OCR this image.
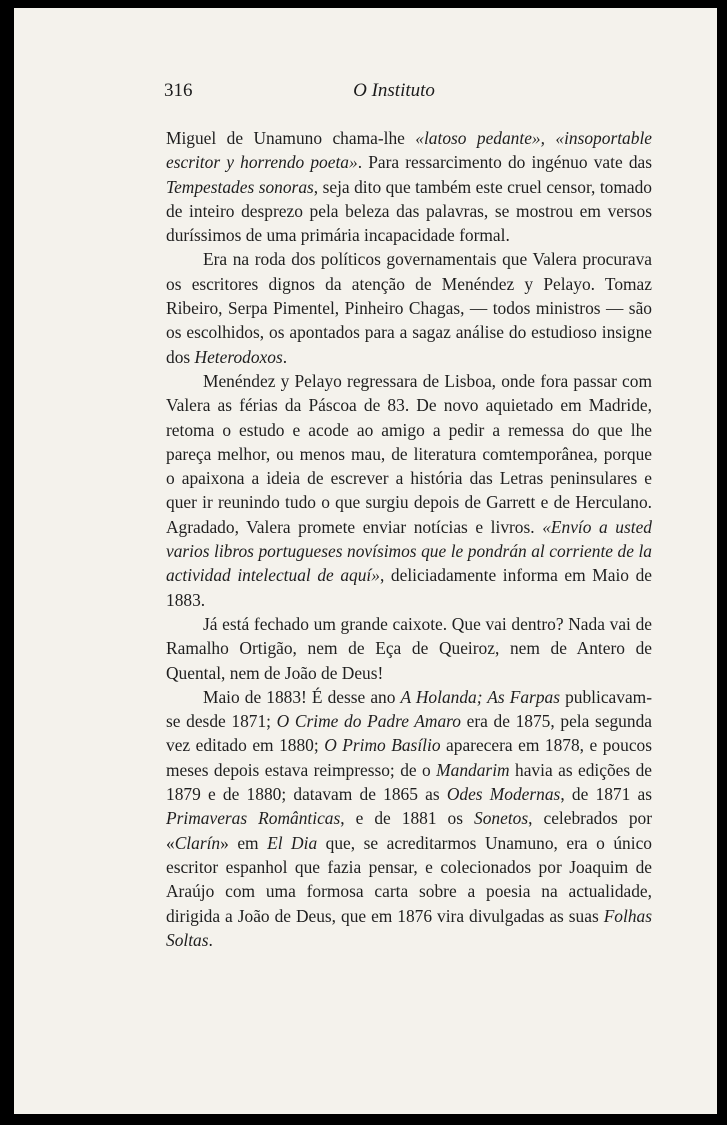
316	O Instituto

Miguel de Unamuno chama-lhe «latoso pedante», «insoportable escritor y horrendo poeta». Para ressarcimento do ingénuo vate das Tempestades sonoras, seja dito que também este cruel censor, tomado de inteiro desprezo pela beleza das palavras, se mostrou em versos duríssimos de uma primária incapacidade formal.

Era na roda dos políticos governamentais que Valera procurava os escritores dignos da atenção de Menéndez y Pelayo. Tomaz Ribeiro, Serpa Pimentel, Pinheiro Chagas, — todos ministros — são os escolhidos, os apontados para a sagaz análise do estudioso insigne dos Heterodoxos.

Menéndez y Pelayo regressara de Lisboa, onde fora passar com Valera as férias da Páscoa de 83. De novo aquietado em Madride, retoma o estudo e acode ao amigo a pedir a remessa do que lhe pareça melhor, ou menos mau, de literatura comtemporânea, porque o apaixona a ideia de escrever a história das Letras peninsulares e quer ir reunindo tudo o que surgiu depois de Garrett e de Herculano. Agradado, Valera promete enviar notícias e livros. «Envío a usted varios libros portugueses novísimos que le pondrán al corriente de la actividad intelectual de aquí», deliciadamente informa em Maio de 1883.

Já está fechado um grande caixote. Que vai dentro? Nada vai de Ramalho Ortigão, nem de Eça de Queiroz, nem de Antero de Quental, nem de João de Deus!

Maio de 1883! É desse ano A Holanda; As Farpas publicavam-se desde 1871; O Crime do Padre Amaro era de 1875, pela segunda vez editado em 1880; O Primo Basílio aparecera em 1878, e poucos meses depois estava reimpresso; de o Mandarim havia as edições de 1879 e de 1880; datavam de 1865 as Odes Modernas, de 1871 as Primaveras Românticas, e de 1881 os Sonetos, celebrados por «Clarín» em El Dia que, se acreditarmos Unamuno, era o único escritor espanhol que fazia pensar, e colecionados por Joaquim de Araújo com uma formosa carta sobre a poesia na actualidade, dirigida a João de Deus, que em 1876 vira divulgadas as suas Folhas Soltas.
